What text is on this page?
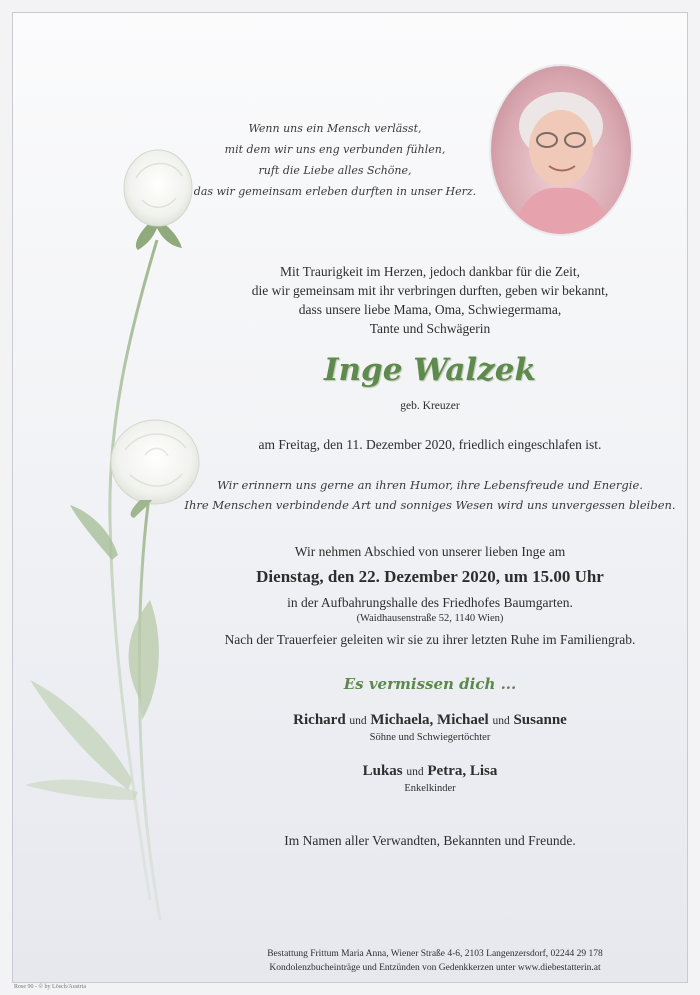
Wenn uns ein Mensch verlässt,
mit dem wir uns eng verbunden fühlen,
ruft die Liebe alles Schöne,
das wir gemeinsam erleben durften in unser Herz.
Mit Traurigkeit im Herzen, jedoch dankbar für die Zeit,
die wir gemeinsam mit ihr verbringen durften, geben wir bekannt,
dass unsere liebe Mama, Oma, Schwiegermama,
Tante und Schwägerin
Inge Walzek
geb. Kreuzer
am Freitag, den 11. Dezember 2020, friedlich eingeschlafen ist.
Wir erinnern uns gerne an ihren Humor, ihre Lebensfreude und Energie.
Ihre Menschen verbindende Art und sonniges Wesen wird uns unvergessen bleiben.
Wir nehmen Abschied von unserer lieben Inge am
Dienstag, den 22. Dezember 2020, um 15.00 Uhr
in der Aufbahrungshalle des Friedhofes Baumgarten.
(Waidhausenstraße 52, 1140 Wien)
Nach der Trauerfeier geleiten wir sie zu ihrer letzten Ruhe im Familiengrab.
Es vermissen dich ...
Richard und Michaela, Michael und Susanne
Söhne und Schwiegertöchter
Lukas und Petra, Lisa
Enkelkinder
Im Namen aller Verwandten, Bekannten und Freunde.
Bestattung Frittum Maria Anna, Wiener Straße 4-6, 2103 Langenzersdorf, 02244 29 178
Kondolenzbucheinträge und Entzünden von Gedenkkerzen unter www.diebestatterin.at
Rose 90 - © by Lösch/Austria
